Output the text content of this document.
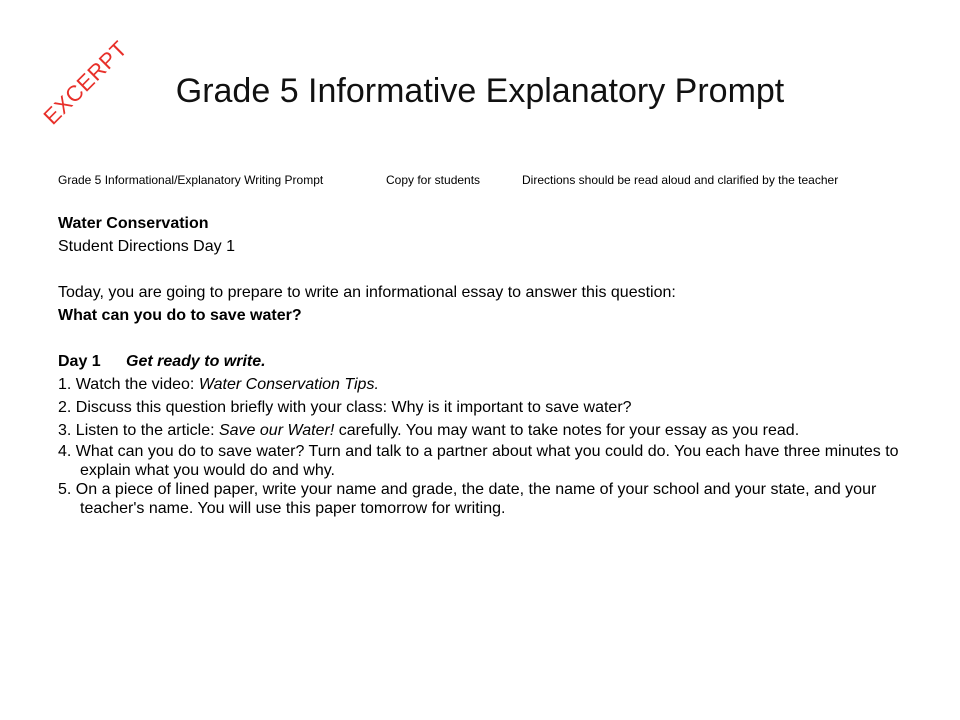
EXCERPT	Grade 5 Informative Explanatory Prompt
Grade 5 Informational/Explanatory Writing Prompt	Copy for students	Directions should be read aloud and clarified by the teacher

Water Conservation

Student Directions Day 1

Today, you are going to prepare to write an informational essay to answer this question:

What can you do to save water?

Day 1 Get ready to write.

1. Watch the video: Water Conservation Tips.

2. Discuss this question briefly with your class: Why is it important to save water?

3. Listen to the article: Save our Water! carefully. You may want to take notes for your essay as you read.

4. What can you do to save water? Turn and talk to a partner about what you could do. You each have three minutes to explain what you would do and why.

5. On a piece of lined paper, write your name and grade, the date, the name of your school and your state, and your teacher's name. You will use this paper tomorrow for writing.
